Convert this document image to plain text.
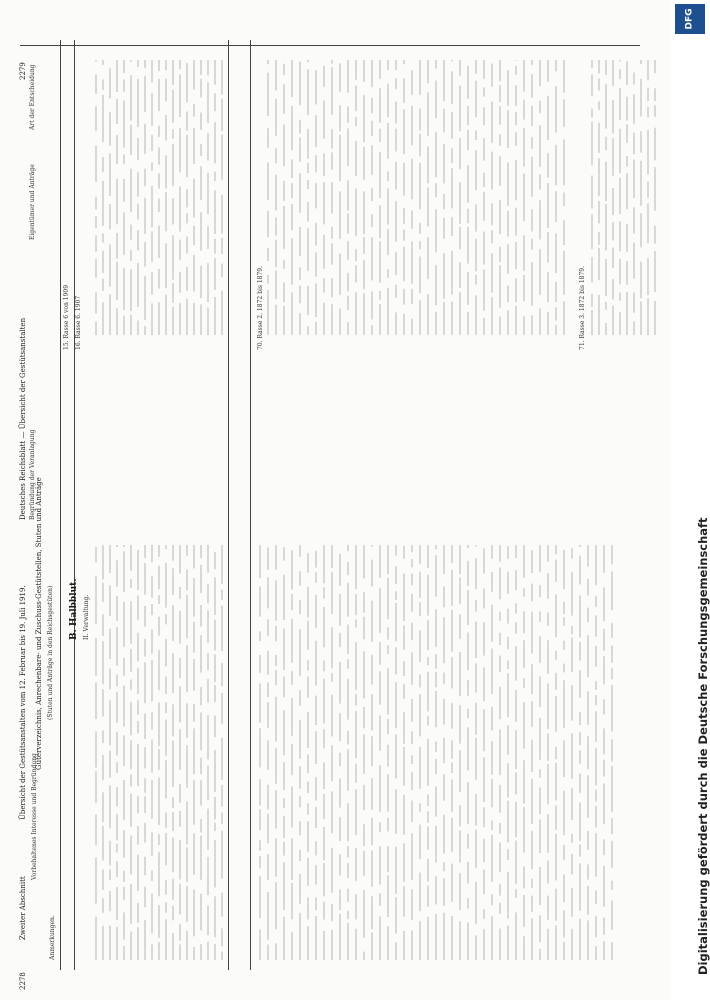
2278
2279
Zweiter Abschnitt
Übersicht der Gestütsanstalten vom 12. Februar bis 19. Juli 1919.
Deutsches Reichsblatt — Übersicht der Gestütsanstalten
Vorbehaltenes Interesse und Begründung
Anmerkungen.
Begründung der Veranlagung
Eigentümer und Anträge
Art der Entscheidung
Güterverzeichnis, Anrechenbare- und Zuschuss-Gestütstellen, Stuten und Anträge (Stuten und Anträge in den Reichsgestüten) B. Halbblut. II. Verwaltung.
15. Rasse 6 von 1909 16. Rasse 6. 1907	70. Rasse 2. 1872 bis 1879.	71. Rasse 3. 1872 bis 1879.
DFG
Digitalisierung gefördert durch die Deutsche Forschungsgemeinschaft
